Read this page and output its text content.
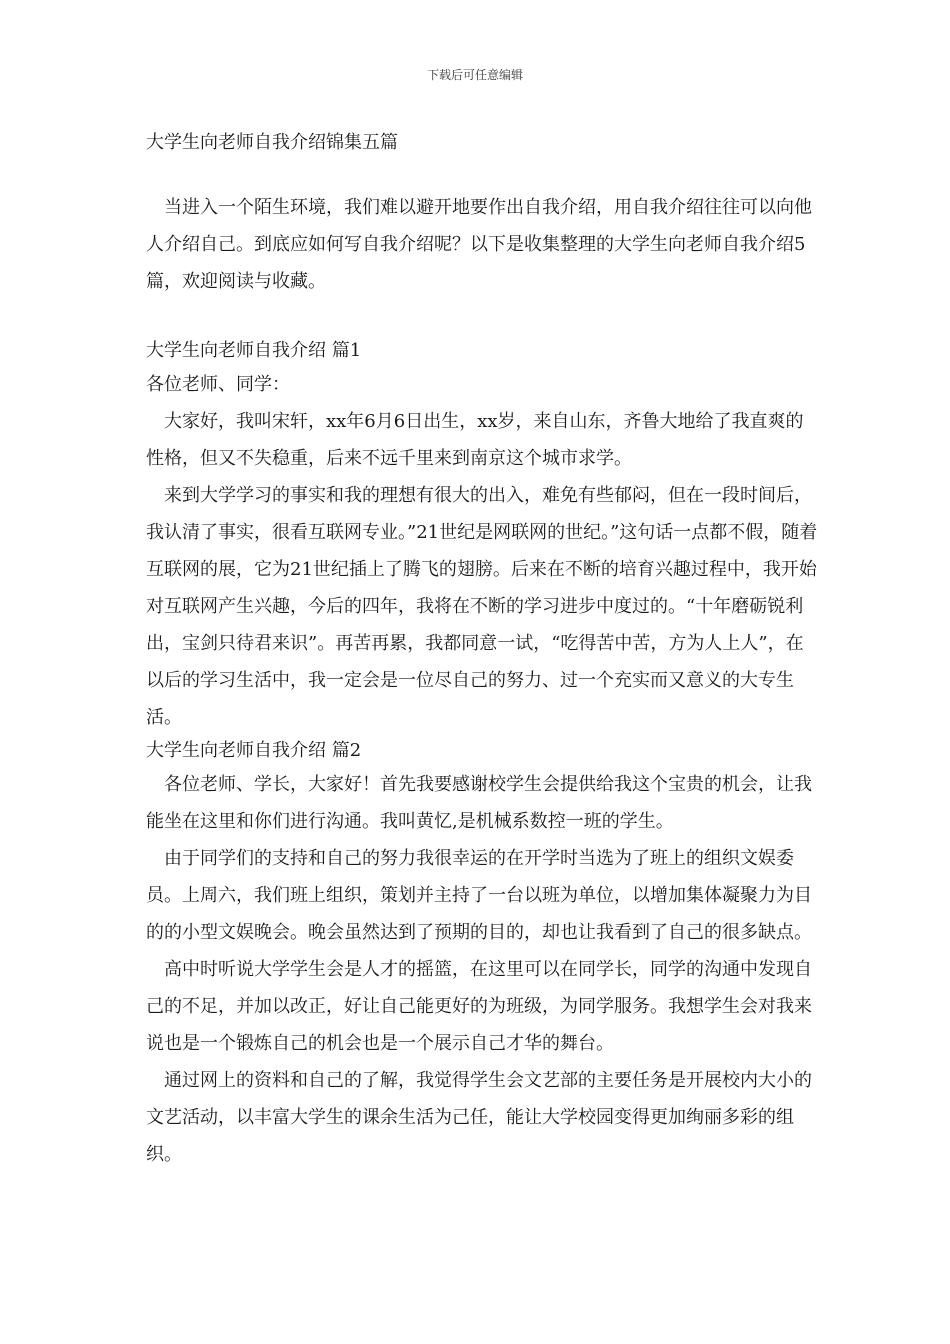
下载后可任意编辑
大学生向老师自我介绍锦集五篇

当进入一个陌生环境，我们难以避开地要作出自我介绍，用自我介绍往往可以向他人介绍自己。到底应如何写自我介绍呢？以下是收集整理的大学生向老师自我介绍5篇，欢迎阅读与收藏。

大学生向老师自我介绍 篇1

各位老师、同学：

大家好，我叫宋轩，xx年6月6日出生，xx岁，来自山东，齐鲁大地给了我直爽的性格，但又不失稳重，后来不远千里来到南京这个城市求学。

来到大学学习的事实和我的理想有很大的出入，难免有些郁闷，但在一段时间后，我认清了事实，很看互联网专业。”21世纪是网联网的世纪。”这句话一点都不假，随着互联网的展，它为21世纪插上了腾飞的翅膀。后来在不断的培育兴趣过程中，我开始对互联网产生兴趣，今后的四年，我将在不断的学习进步中度过的。“十年磨砺锐利出，宝剑只待君来识”。再苦再累，我都同意一试，“吃得苦中苦，方为人上人”，在以后的学习生活中，我一定会是一位尽自己的努力、过一个充实而又意义的大专生活。

大学生向老师自我介绍 篇2

各位老师、学长，大家好！首先我要感谢校学生会提供给我这个宝贵的机会，让我能坐在这里和你们进行沟通。我叫黄忆,是机械系数控一班的学生。

由于同学们的支持和自己的努力我很幸运的在开学时当选为了班上的组织文娱委员。上周六，我们班上组织，策划并主持了一台以班为单位，以增加集体凝聚力为目的的小型文娱晚会。晚会虽然达到了预期的目的，却也让我看到了自己的很多缺点。

高中时听说大学学生会是人才的摇篮，在这里可以在同学长，同学的沟通中发现自己的不足，并加以改正，好让自己能更好的为班级，为同学服务。我想学生会对我来说也是一个锻炼自己的机会也是一个展示自己才华的舞台。

通过网上的资料和自己的了解，我觉得学生会文艺部的主要任务是开展校内大小的文艺活动，以丰富大学生的课余生活为己任，能让大学校园变得更加绚丽多彩的组织。
